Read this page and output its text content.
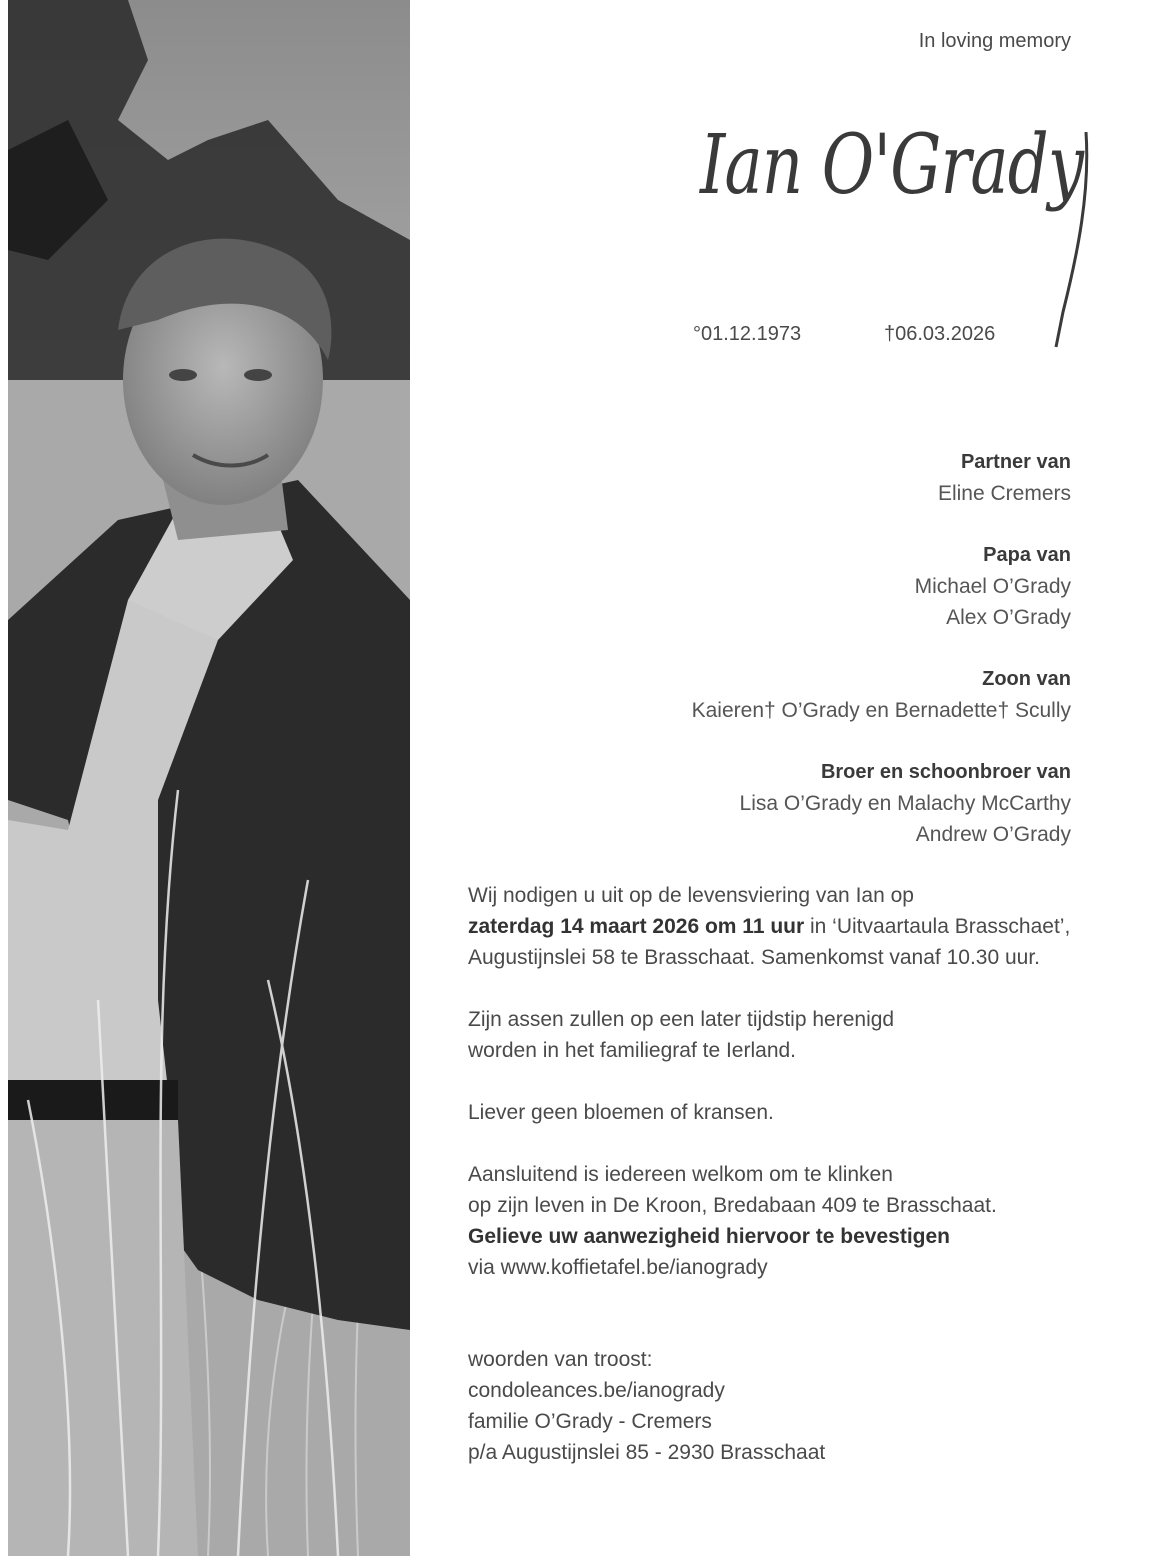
In loving memory
Ian O'Grady
°01.12.1973	†06.03.2026
Partner van
Eline Cremers
Papa van
Michael O’Grady
Alex O’Grady
Zoon van
Kaieren† O’Grady en Bernadette† Scully
Broer en schoonbroer van
Lisa O’Grady en Malachy McCarthy
Andrew O’Grady

Wij nodigen u uit op de levensviering van Ian op
zaterdag 14 maart 2026 om 11 uur in ‘Uitvaartaula Brasschaet’,
Augustijnslei 58 te Brasschaat. Samenkomst vanaf 10.30 uur.

Zijn assen zullen op een later tijdstip herenigd
worden in het familiegraf te Ierland.

Liever geen bloemen of kransen.

Aansluitend is iedereen welkom om te klinken
op zijn leven in De Kroon, Bredabaan 409 te Brasschaat.
Gelieve uw aanwezigheid hiervoor te bevestigen
via www.koffietafel.be/ianogrady

woorden van troost:
condoleances.be/ianogrady
familie O’Grady - Cremers
p/a Augustijnslei 85 - 2930 Brasschaat
